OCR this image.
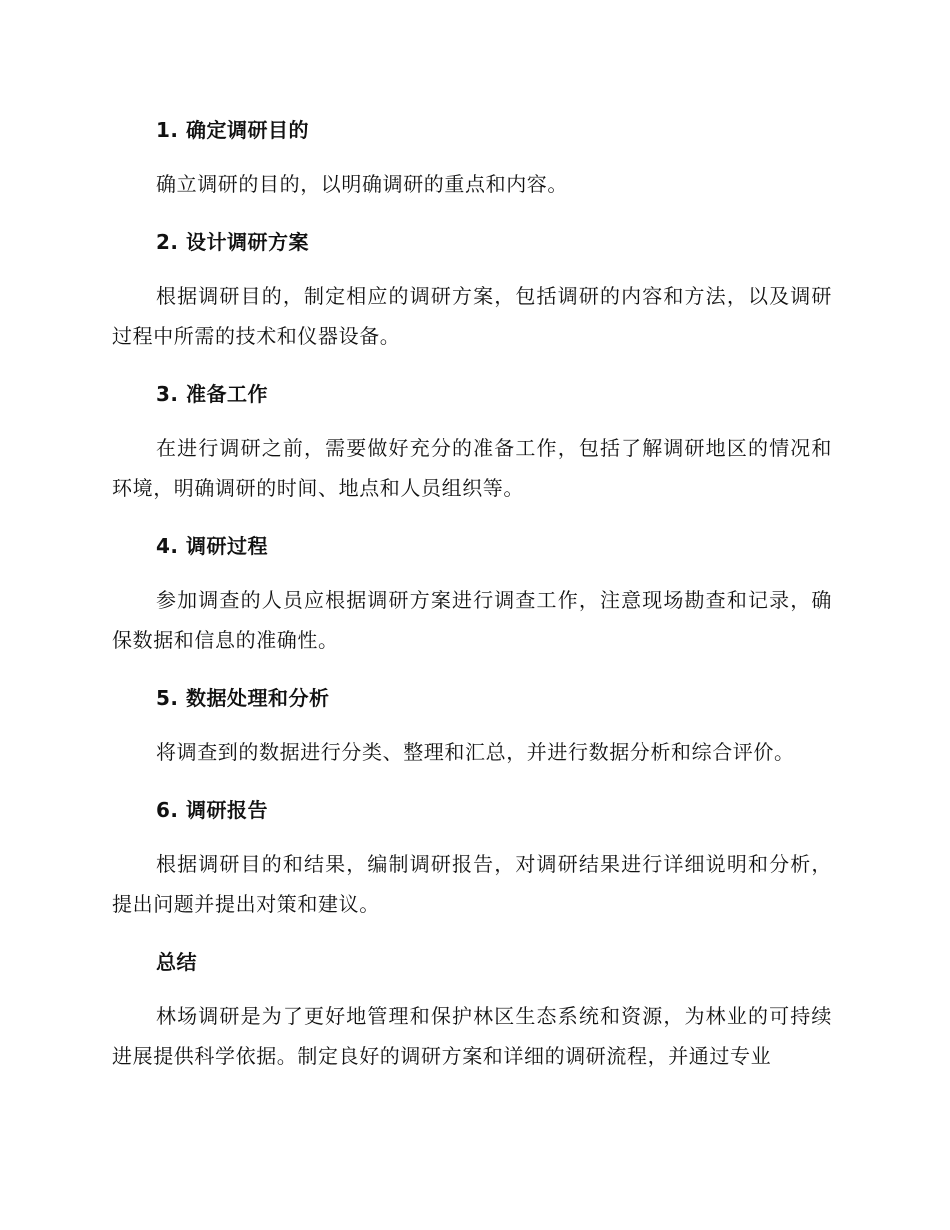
1. 确定调研目的
确立调研的目的，以明确调研的重点和内容。
2. 设计调研方案
根据调研目的，制定相应的调研方案，包括调研的内容和方法，以及调研过程中所需的技术和仪器设备。
3. 准备工作
在进行调研之前，需要做好充分的准备工作，包括了解调研地区的情况和环境，明确调研的时间、地点和人员组织等。
4. 调研过程
参加调查的人员应根据调研方案进行调查工作，注意现场勘查和记录，确保数据和信息的准确性。
5. 数据处理和分析
将调查到的数据进行分类、整理和汇总，并进行数据分析和综合评价。
6. 调研报告
根据调研目的和结果，编制调研报告，对调研结果进行详细说明和分析，提出问题并提出对策和建议。
总结
林场调研是为了更好地管理和保护林区生态系统和资源，为林业的可持续进展提供科学依据。制定良好的调研方案和详细的调研流程，并通过专业
